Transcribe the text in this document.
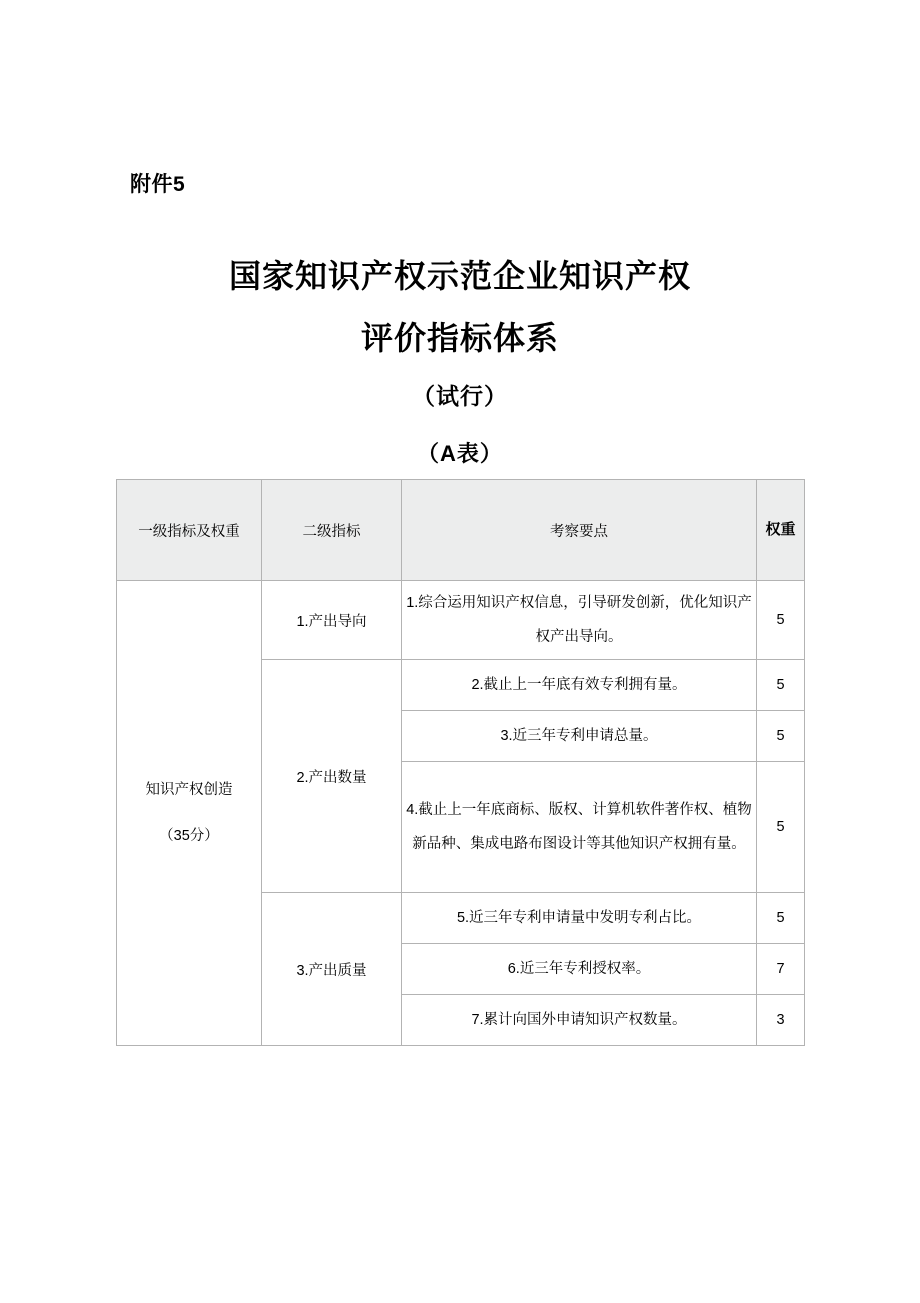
附件5
国家知识产权示范企业知识产权
评价指标体系
（试行）
（A表）
一级指标及权重	二级指标	考察要点	权重

知识产权创造
（35分）	1.产出导向	1.综合运用知识产权信息，引导研发创新，优化知识产权产出导向。	5
	2.产出数量	2.截止上一年底有效专利拥有量。	5
		3.近三年专利申请总量。	5
		4.截止上一年底商标、版权、计算机软件著作权、植物新品种、集成电路布图设计等其他知识产权拥有量。	5
	3.产出质量	5.近三年专利申请量中发明专利占比。	5
		6.近三年专利授权率。	7
		7.累计向国外申请知识产权数量。	3
